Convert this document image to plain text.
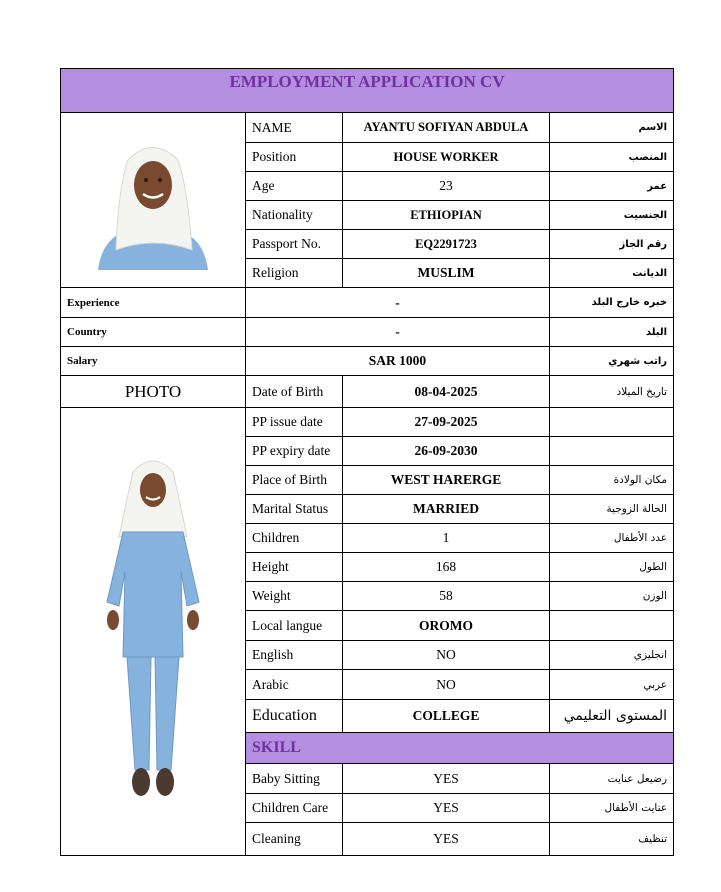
EMPLOYMENT APPLICATION CV			

	NAME	AYANTU SOFIYAN ABDULA	الاسم
	Position	HOUSE WORKER	المنصب
	Age	23	عمر
	Nationality	ETHIOPIAN	الجنسيت
	Passport No.	EQ2291723	رقم الجاز
	Religion	MUSLIM	الديانت
Experience	-		خبره خارج البلد
Country	-		البلد
Salary	SAR 1000		راتب شهري
PHOTO	Date of Birth	08-04-2025	تاريخ الميلاد

	PP issue date	27-09-2025	
	PP expiry date	26-09-2030	
	Place of Birth	WEST HARERGE	مكان الولادة
	Marital Status	MARRIED	الحالة الزوجية
	Children	1	عدد الأطفال
	Height	168	الطول
	Weight	58	الوزن
	Local langue	OROMO	
	English	NO	انجليزي
	Arabic	NO	عربي
	Education	COLLEGE	المستوى التعليمي
	SKILL		
	Baby Sitting	YES	رضيعل عنايت
	Children Care	YES	عنايت الأطفال
	Cleaning	YES	تنظيف
